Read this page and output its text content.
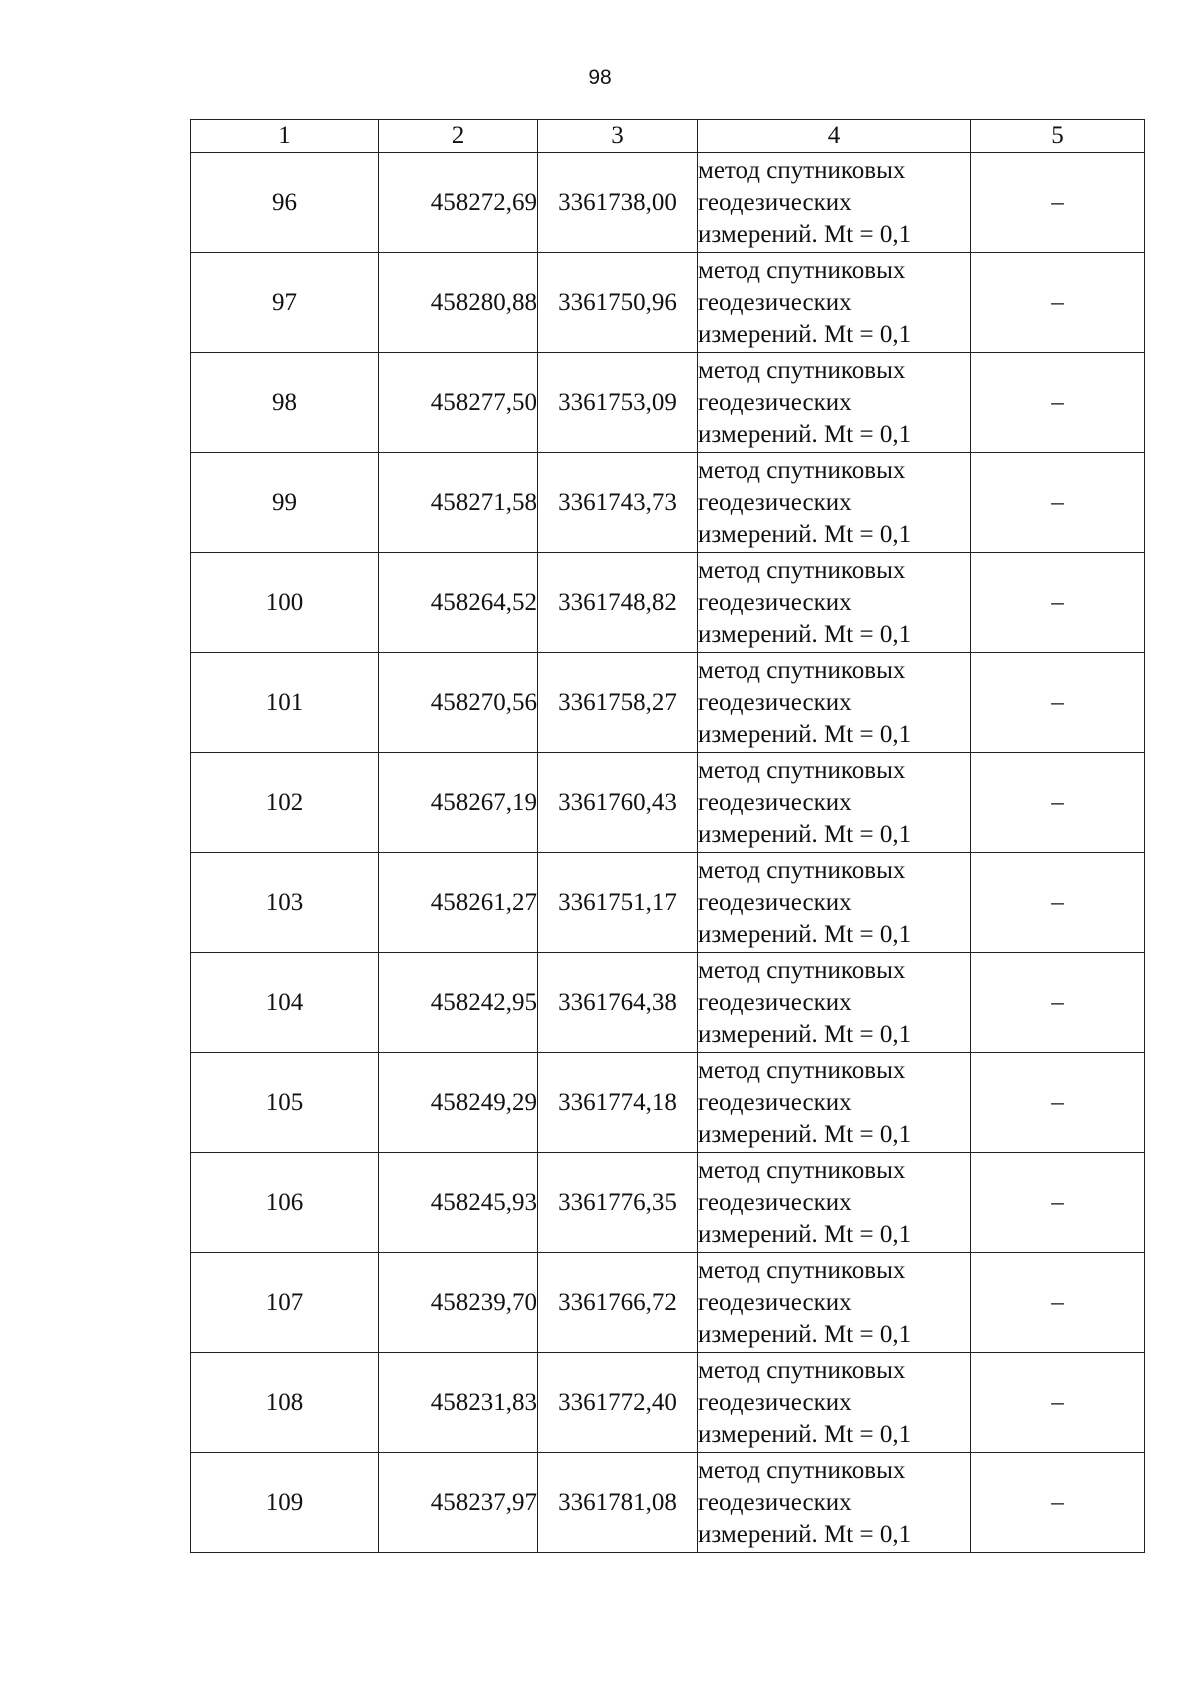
98
1	2	3	4	5
96	458272,69	3361738,00	метод спутниковых
геодезических
измерений. Mt = 0,1	–
97	458280,88	3361750,96	метод спутниковых
геодезических
измерений. Mt = 0,1	–
98	458277,50	3361753,09	метод спутниковых
геодезических
измерений. Mt = 0,1	–
99	458271,58	3361743,73	метод спутниковых
геодезических
измерений. Mt = 0,1	–
100	458264,52	3361748,82	метод спутниковых
геодезических
измерений. Mt = 0,1	–
101	458270,56	3361758,27	метод спутниковых
геодезических
измерений. Mt = 0,1	–
102	458267,19	3361760,43	метод спутниковых
геодезических
измерений. Mt = 0,1	–
103	458261,27	3361751,17	метод спутниковых
геодезических
измерений. Mt = 0,1	–
104	458242,95	3361764,38	метод спутниковых
геодезических
измерений. Mt = 0,1	–
105	458249,29	3361774,18	метод спутниковых
геодезических
измерений. Mt = 0,1	–
106	458245,93	3361776,35	метод спутниковых
геодезических
измерений. Mt = 0,1	–
107	458239,70	3361766,72	метод спутниковых
геодезических
измерений. Mt = 0,1	–
108	458231,83	3361772,40	метод спутниковых
геодезических
измерений. Mt = 0,1	–
109	458237,97	3361781,08	метод спутниковых
геодезических
измерений. Mt = 0,1	–
